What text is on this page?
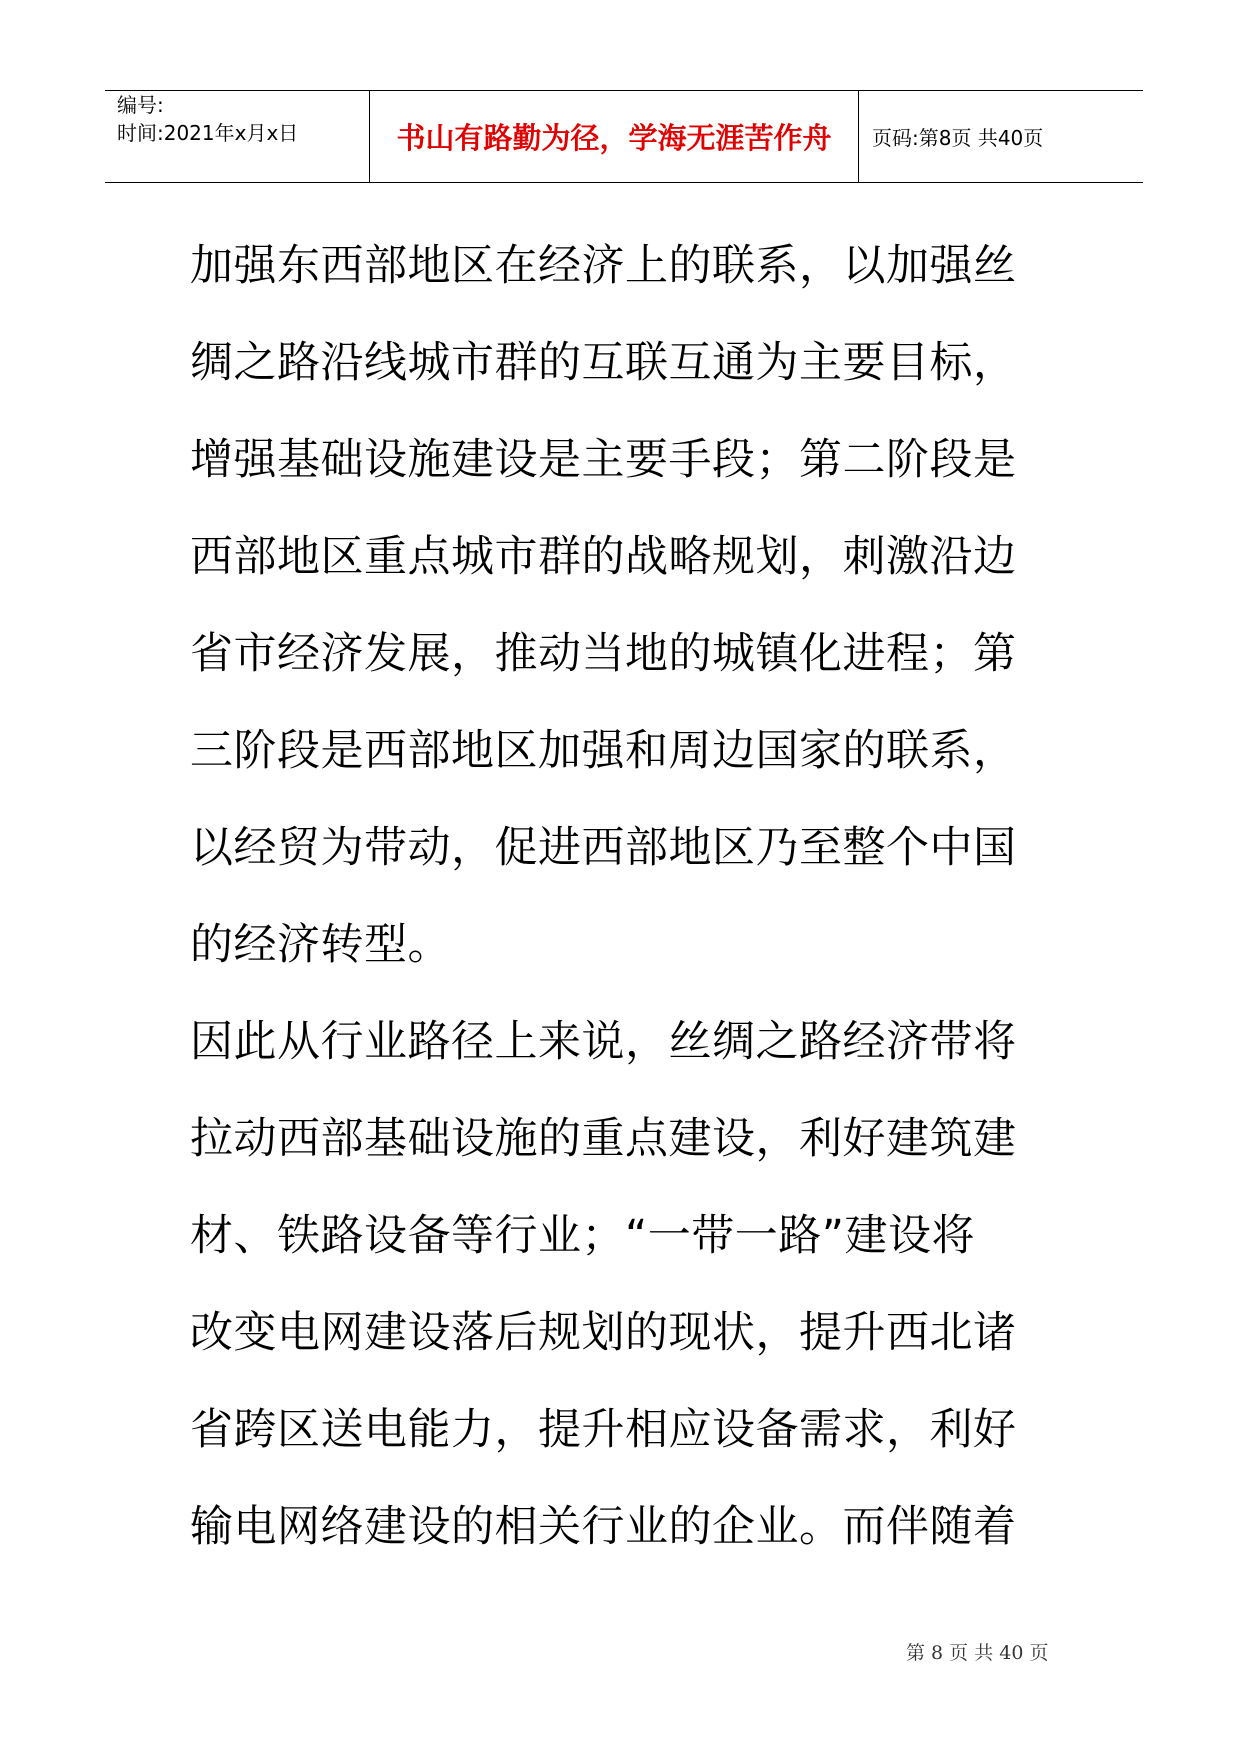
编号:
时间:2021年x月x日	书山有路勤为径，学海无涯苦作舟 页码:第8页 共40页
加强东西部地区在经济上的联系，以加强丝
绸之路沿线城市群的互联互通为主要目标，
增强基础设施建设是主要手段；第二阶段是
西部地区重点城市群的战略规划，刺激沿边
省市经济发展，推动当地的城镇化进程；第
三阶段是西部地区加强和周边国家的联系，
以经贸为带动，促进西部地区乃至整个中国
的经济转型。
因此从行业路径上来说，丝绸之路经济带将
拉动西部基础设施的重点建设，利好建筑建
材、铁路设备等行业；“一带一路”建设将
改变电网建设落后规划的现状，提升西北诸
省跨区送电能力，提升相应设备需求，利好
输电网络建设的相关行业的企业。而伴随着
第 8 页 共 40 页
